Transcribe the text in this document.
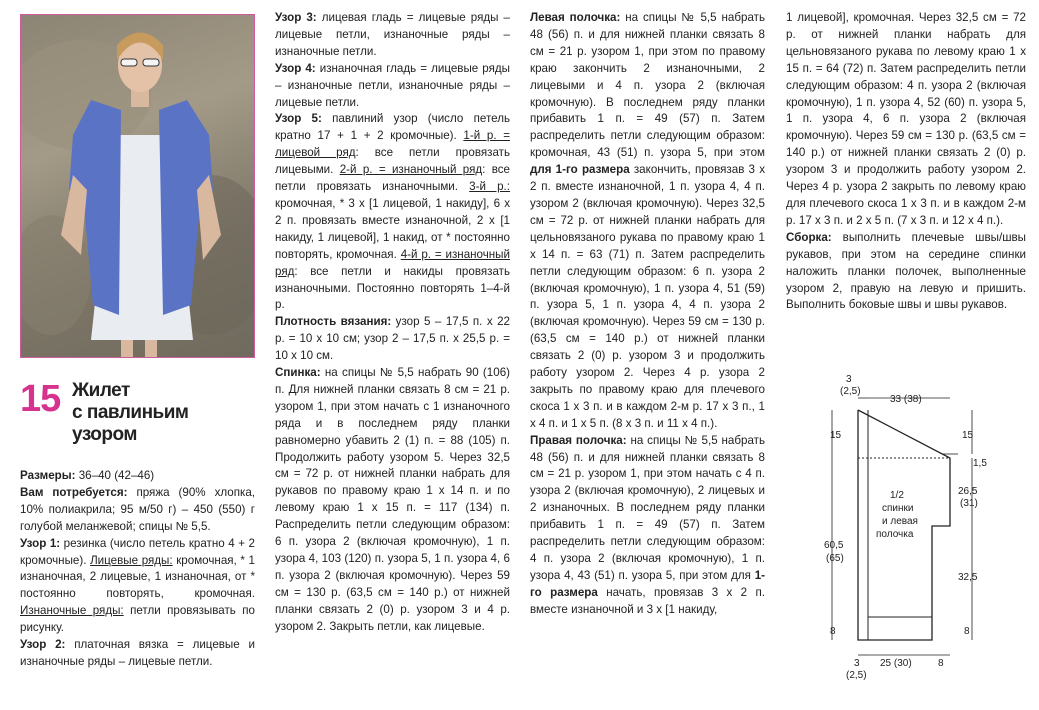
15 Жилет
с павлиньим
узором

Размеры: 36–40 (42–46)

Вам потребуется: пряжа (90% хлопка, 10% полиакрила; 95 м/50 г) – 450 (550) г голубой меланжевой; спицы № 5,5.

Узор 1: резинка (число петель кратно 4 + 2 кромочные). Лицевые ряды: кромочная, * 1 изнаночная, 2 лицевые, 1 изнаночная, от * постоянно повторять, кромочная. Изнаночные ряды: петли провязывать по рисунку.

Узор 2: платочная вязка = лицевые и изнаночные ряды – лицевые петли.

Узор 3: лицевая гладь = лицевые ряды – лицевые петли, изнаночные ряды – изнаночные петли.

Узор 4: изнаночная гладь = лицевые ряды – изнаночные петли, изнаночные ряды – лицевые петли.

Узор 5: павлиний узор (число петель кратно 17 + 1 + 2 кромочные). 1-й р. = лицевой ряд: все петли провязать лицевыми. 2-й р. = изнаночный ряд: все петли провязать изнаночными. 3-й р.: кромочная, * 3 х [1 лицевой, 1 накиду], 6 х 2 п. провязать вместе изнаночной, 2 х [1 накиду, 1 лицевой], 1 накид, от * постоянно повторять, кромочная. 4-й р. = изнаночный ряд: все петли и накиды провязать изнаночными. Постоянно повторять 1–4-й р.

Плотность вязания: узор 5 – 17,5 п. х 22 р. = 10 х 10 см; узор 2 – 17,5 п. х 25,5 р. = 10 х 10 см.

Спинка: на спицы № 5,5 набрать 90 (106) п. Для нижней планки связать 8 см = 21 р. узором 1, при этом начать с 1 изнаночного ряда и в последнем ряду планки равномерно убавить 2 (1) п. = 88 (105) п. Продолжить работу узором 5. Через 32,5 см = 72 р. от нижней планки набрать для рукавов по правому краю 1 х 14 п. и по левому краю 1 х 15 п. = 117 (134) п. Распределить петли следующим образом: 6 п. узора 2 (включая кромочную), 1 п. узора 4, 103 (120) п. узора 5, 1 п. узора 4, 6 п. узора 2 (включая кромочную). Через 59 см = 130 р. (63,5 см = 140 р.) от нижней планки связать 2 (0) р. узором 3 и 4 р. узором 2. Закрыть петли, как лицевые.

Левая полочка: на спицы № 5,5 набрать 48 (56) п. и для нижней планки связать 8 см = 21 р. узором 1, при этом по правому краю закончить 2 изнаночными, 2 лицевыми и 4 п. узора 2 (включая кромочную). В последнем ряду планки прибавить 1 п. = 49 (57) п. Затем распределить петли следующим образом: кромочная, 43 (51) п. узора 5, при этом для 1-го размера закончить, провязав 3 х 2 п. вместе изнаночной, 1 п. узора 4, 4 п. узором 2 (включая кромочную). Через 32,5 см = 72 р. от нижней планки набрать для цельновязаного рукава по правому краю 1 х 14 п. = 63 (71) п. Затем распределить петли следующим образом: 6 п. узора 2 (включая кромочную), 1 п. узора 4, 51 (59) п. узора 5, 1 п. узора 4, 4 п. узора 2 (включая кромочную). Через 59 см = 130 р. (63,5 см = 140 р.) от нижней планки связать 2 (0) р. узором 3 и продолжить работу узором 2. Через 4 р. узора 2 закрыть по правому краю для плечевого скоса 1 х 3 п. и в каждом 2-м р. 17 х 3 п., 1 х 4 п. и 1 х 5 п. (8 х 3 п. и 11 х 4 п.).

Правая полочка: на спицы № 5,5 набрать 48 (56) п. и для нижней планки связать 8 см = 21 р. узором 1, при этом начать с 4 п. узора 2 (включая кромочную), 2 лицевых и 2 изнаночных. В последнем ряду планки прибавить 1 п. = 49 (57) п. Затем распределить петли следующим образом: 4 п. узора 2 (включая кромочную), 1 п. узора 4, 43 (51) п. узора 5, при этом для 1-го размера начать, провязав 3 х 2 п. вместе изнаночной и 3 х [1 накиду,

1 лицевой], кромочная. Через 32,5 см = 72 р. от нижней планки набрать для цельновязаного рукава по левому краю 1 х 15 п. = 64 (72) п. Затем распределить петли следующим образом: 4 п. узора 2 (включая кромочную), 1 п. узора 4, 52 (60) п. узора 5, 1 п. узора 4, 6 п. узора 2 (включая кромочную). Через 59 см = 130 р. (63,5 см = 140 р.) от нижней планки связать 2 (0) р. узором 3 и продолжить работу узором 2. Через 4 р. узора 2 закрыть по левому краю для плечевого скоса 1 х 3 п. и в каждом 2-м р. 17 х 3 п. и 2 х 5 п. (7 х 3 п. и 12 х 4 п.).

Сборка: выполнить плечевые швы/швы рукавов, при этом на середине спинки наложить планки полочек, выполненные узором 2, правую на левую и пришить. Выполнить боковые швы и швы рукавов.

3
(2,5)
33 (38)
15
60,5
(65)
8
15
1,5
26,5
(31)
32,5
8
1/2
спинки
и левая
полочка
3
(2,5)
25 (30)	8
